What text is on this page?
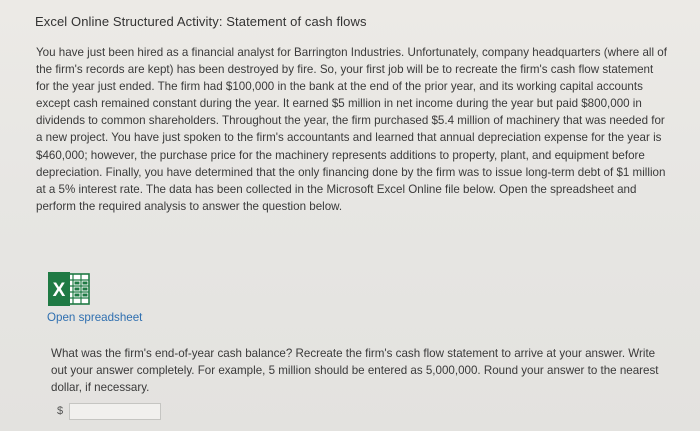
Excel Online Structured Activity: Statement of cash flows

You have just been hired as a financial analyst for Barrington Industries. Unfortunately, company headquarters (where all of the firm's records are kept) has been destroyed by fire. So, your first job will be to recreate the firm's cash flow statement for the year just ended. The firm had $100,000 in the bank at the end of the prior year, and its working capital accounts except cash remained constant during the year. It earned $5 million in net income during the year but paid $800,000 in dividends to common shareholders. Throughout the year, the firm purchased $5.4 million of machinery that was needed for a new project. You have just spoken to the firm's accountants and learned that annual depreciation expense for the year is $460,000; however, the purchase price for the machinery represents additions to property, plant, and equipment before depreciation. Finally, you have determined that the only financing done by the firm was to issue long-term debt of $1 million at a 5% interest rate. The data has been collected in the Microsoft Excel Online file below. Open the spreadsheet and perform the required analysis to answer the question below.

X
Open spreadsheet

What was the firm's end-of-year cash balance? Recreate the firm's cash flow statement to arrive at your answer. Write out your answer completely. For example, 5 million should be entered as 5,000,000. Round your answer to the nearest dollar, if necessary.

$
